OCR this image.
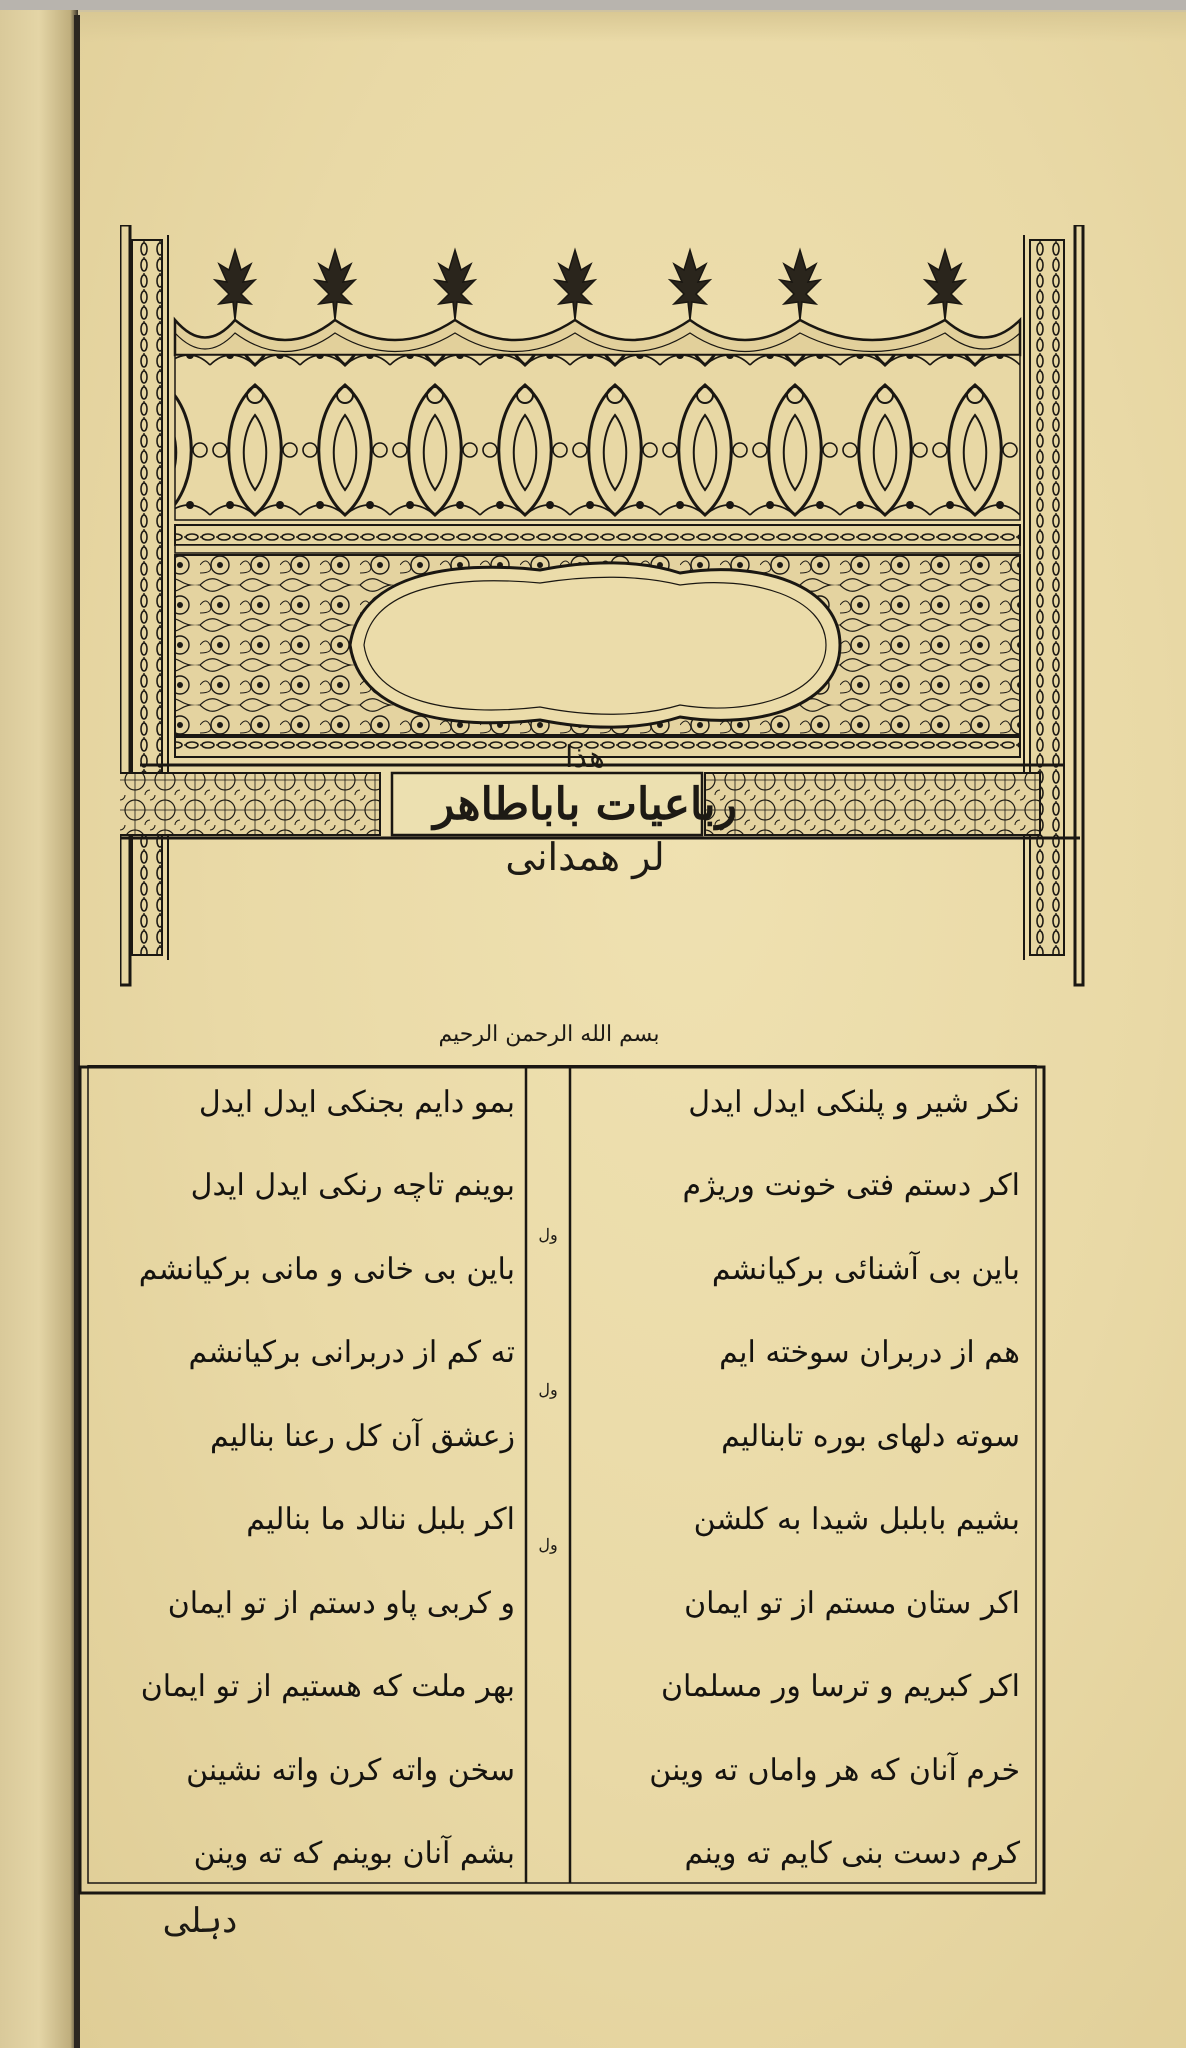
هذا
رباعیات باباطاهر
لر همدانی
بسم الله الرحمن الرحیم
نکر شیر و پلنکی ایدل ایدل
اکر دستم فتی خونت وریژم
باین بی آشنائی برکیانشم
هم از دربران سوخته ایم
سوته دلهای بوره تابنالیم
بشیم بابلبل شیدا به کلشن
اکر ستان مستم از تو ایمان
اکر کبریم و ترسا ور مسلمان
خرم آنان که هر واماں ته وینن
کرم دست بنی کایم ته وینم
بمو دایم بجنکی ایدل ایدل
بوینم تاچه رنکی ایدل ایدل
باین بی خانی و مانی برکیانشم
ته کم از دربرانی برکیانشم
زعشق آن کل رعنا بنالیم
اکر بلبل ننالد ما بنالیم
و کربی پاو دستم از تو ایمان
بهر ملت که هستیم از تو ایمان
سخن واته کرن واته نشینن
بشم آنان بوینم که ته وینن
ول
ول
ول
دہلی
